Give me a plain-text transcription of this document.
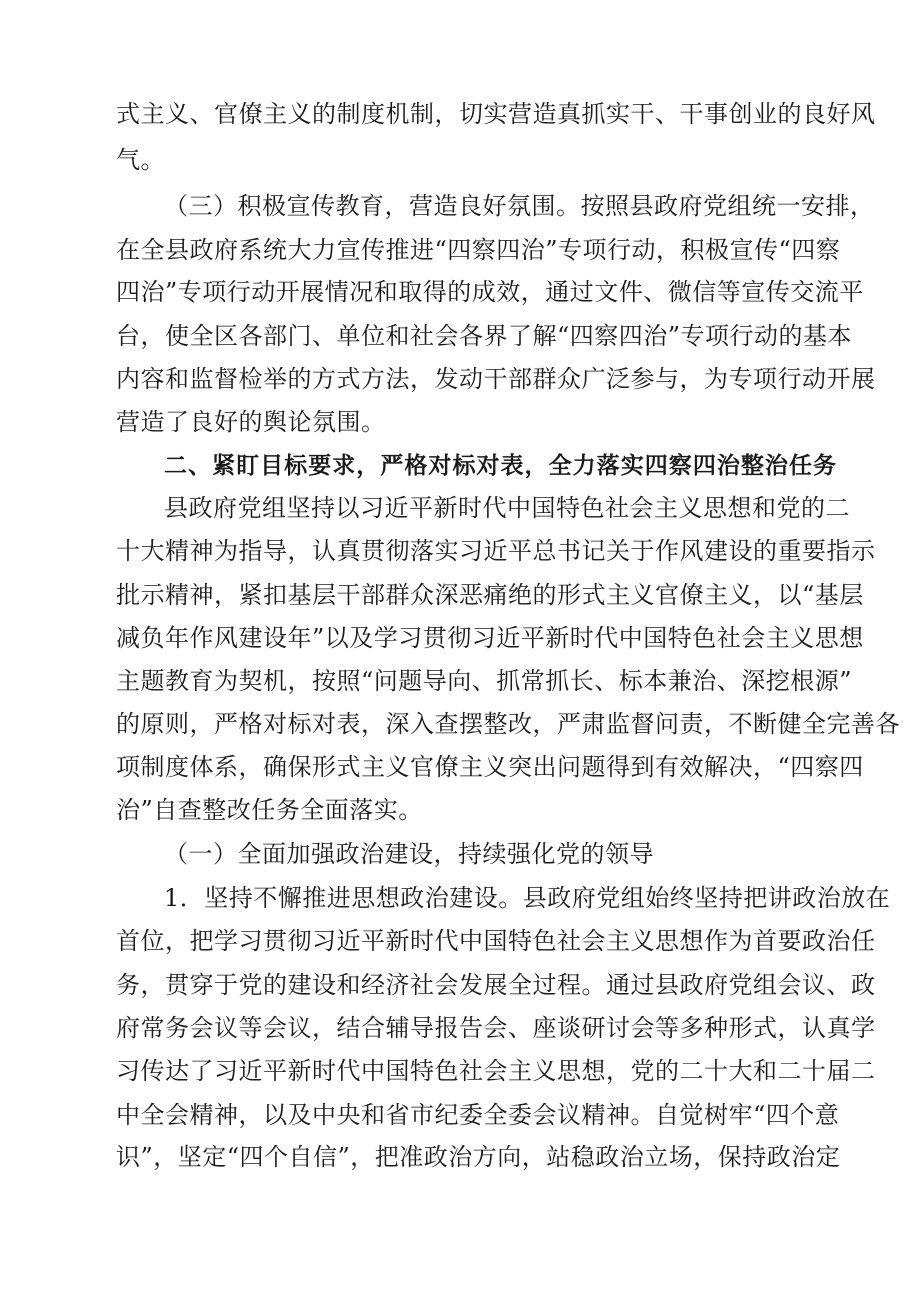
式主义、官僚主义的制度机制，切实营造真抓实干、干事创业的良好风
气。
（三）积极宣传教育，营造良好氛围。按照县政府党组统一安排，
在全县政府系统大力宣传推进“四察四治”专项行动，积极宣传“四察
四治”专项行动开展情况和取得的成效，通过文件、微信等宣传交流平
台，使全区各部门、单位和社会各界了解“四察四治”专项行动的基本
内容和监督检举的方式方法，发动干部群众广泛参与，为专项行动开展
营造了良好的舆论氛围。
二、紧盯目标要求，严格对标对表，全力落实四察四治整治任务
县政府党组坚持以习近平新时代中国特色社会主义思想和党的二
十大精神为指导，认真贯彻落实习近平总书记关于作风建设的重要指示
批示精神，紧扣基层干部群众深恶痛绝的形式主义官僚主义，以“基层
减负年作风建设年”以及学习贯彻习近平新时代中国特色社会主义思想
主题教育为契机，按照“问题导向、抓常抓长、标本兼治、深挖根源”
的原则，严格对标对表，深入查摆整改，严肃监督问责，不断健全完善各
项制度体系，确保形式主义官僚主义突出问题得到有效解决，“四察四
治”自查整改任务全面落实。
（一）全面加强政治建设，持续强化党的领导
1．坚持不懈推进思想政治建设。县政府党组始终坚持把讲政治放在
首位，把学习贯彻习近平新时代中国特色社会主义思想作为首要政治任
务，贯穿于党的建设和经济社会发展全过程。通过县政府党组会议、政
府常务会议等会议，结合辅导报告会、座谈研讨会等多种形式，认真学
习传达了习近平新时代中国特色社会主义思想，党的二十大和二十届二
中全会精神，以及中央和省市纪委全委会议精神。自觉树牢“四个意
识”，坚定“四个自信”，把准政治方向，站稳政治立场，保持政治定
